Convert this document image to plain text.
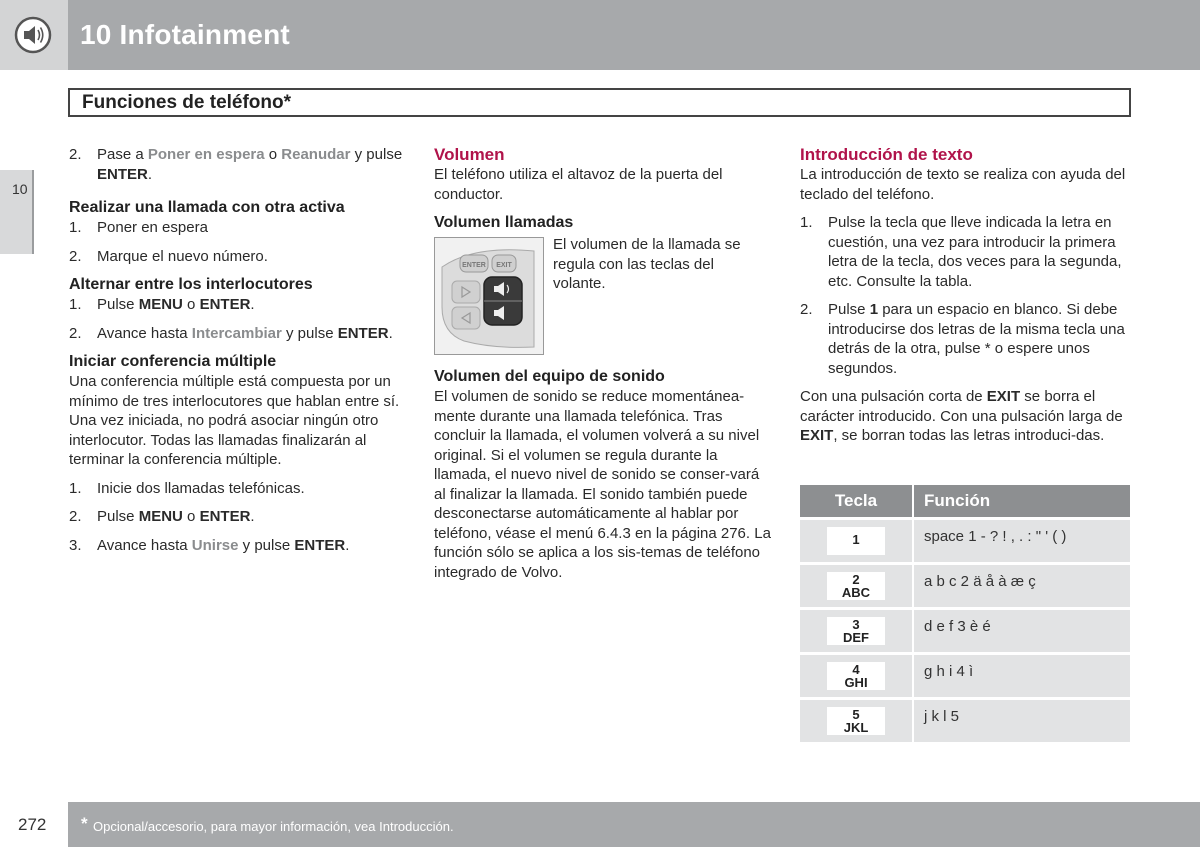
10 Infotainment
10
Funciones de teléfono*
2. Pase a Poner en espera o Reanudar y pulse ENTER.
Realizar una llamada con otra activa
1. Poner en espera
2. Marque el nuevo número.
Alternar entre los interlocutores
1. Pulse MENU o ENTER.
2. Avance hasta Intercambiar y pulse ENTER.
Iniciar conferencia múltiple

Una conferencia múltiple está compuesta por un mínimo de tres interlocutores que hablan entre sí. Una vez iniciada, no podrá asociar ningún otro interlocutor. Todas las llamadas finalizarán al terminar la conferencia múltiple.

1. Inicie dos llamadas telefónicas.
2. Pulse MENU o ENTER.
3. Avance hasta Unirse y pulse ENTER.
Volumen

El teléfono utiliza el altavoz de la puerta del conductor.

Volumen llamadas
ENTER EXIT
El volumen de la llamada se regula con las teclas del volante.
Volumen del equipo de sonido

El volumen de sonido se reduce momentánea-mente durante una llamada telefónica. Tras concluir la llamada, el volumen volverá a su nivel original. Si el volumen se regula durante la llamada, el nuevo nivel de sonido se conser-vará al finalizar la llamada. El sonido también puede desconectarse automáticamente al hablar por teléfono, véase el menú 6.4.3 en la página 276. La función sólo se aplica a los sis-temas de teléfono integrado de Volvo.

Introducción de texto

La introducción de texto se realiza con ayuda del teclado del teléfono.

1. Pulse la tecla que lleve indicada la letra en cuestión, una vez para introducir la primera letra de la tecla, dos veces para la segunda, etc. Consulte la tabla.
2. Pulse 1 para un espacio en blanco. Si debe introducirse dos letras de la misma tecla una detrás de la otra, pulse * o espere unos segundos.

Con una pulsación corta de EXIT se borra el carácter introducido. Con una pulsación larga de EXIT, se borran todas las letras introduci-das.

Tecla	Función

1	space 1 - ? ! , . : " ' ( )

2
ABC	a b c 2 ä å à æ ç

3
DEF	d e f 3 è é

4
GHI	g h i 4 ì

5
JKL	j k l 5
272 * Opcional/accesorio, para mayor información, vea Introducción.
